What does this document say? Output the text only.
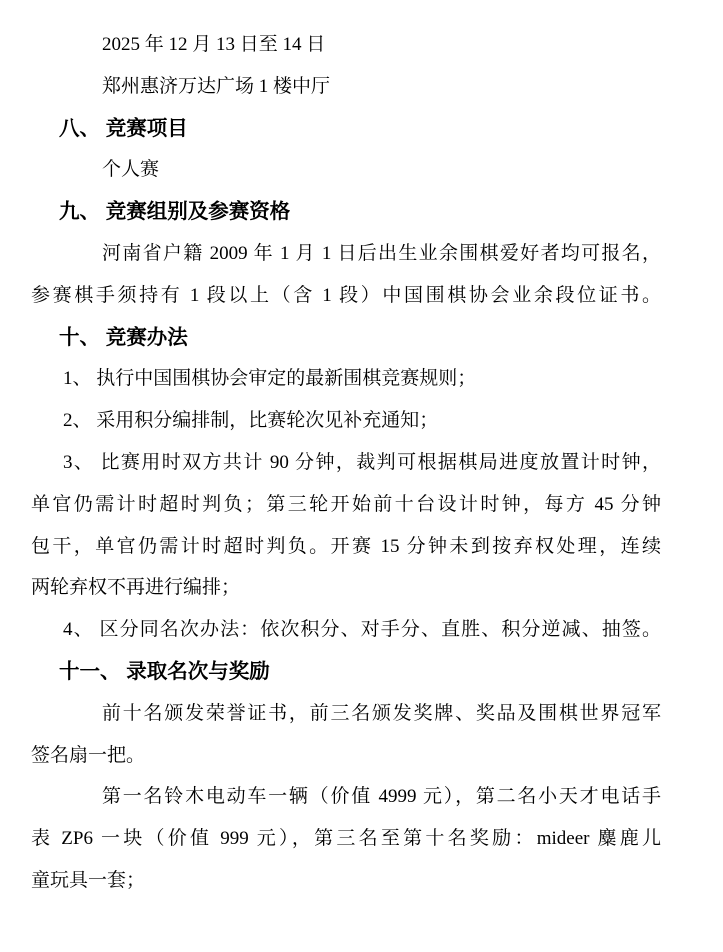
2025 年 12 月 13 日至 14 日
郑州惠济万达广场 1 楼中厅
八、 竞赛项目
个人赛
九、 竞赛组别及参赛资格
河南省户籍 2009 年 1 月 1 日后出生业余围棋爱好者均可报名，
参赛棋手须持有 1 段以上（含 1 段）中国围棋协会业余段位证书。
十、 竞赛办法
1、 执行中国围棋协会审定的最新围棋竞赛规则；
2、 采用积分编排制，比赛轮次见补充通知；
3、 比赛用时双方共计 90 分钟，裁判可根据棋局进度放置计时钟，
单官仍需计时超时判负；第三轮开始前十台设计时钟，每方 45 分钟
包干，单官仍需计时超时判负。开赛 15 分钟未到按弃权处理，连续
两轮弃权不再进行编排；
4、 区分同名次办法：依次积分、对手分、直胜、积分逆减、抽签。
十一、 录取名次与奖励
前十名颁发荣誉证书，前三名颁发奖牌、奖品及围棋世界冠军
签名扇一把。
第一名铃木电动车一辆（价值 4999 元），第二名小天才电话手
表 ZP6 一块（价值 999 元），第三名至第十名奖励：mideer 麋鹿儿
童玩具一套；
